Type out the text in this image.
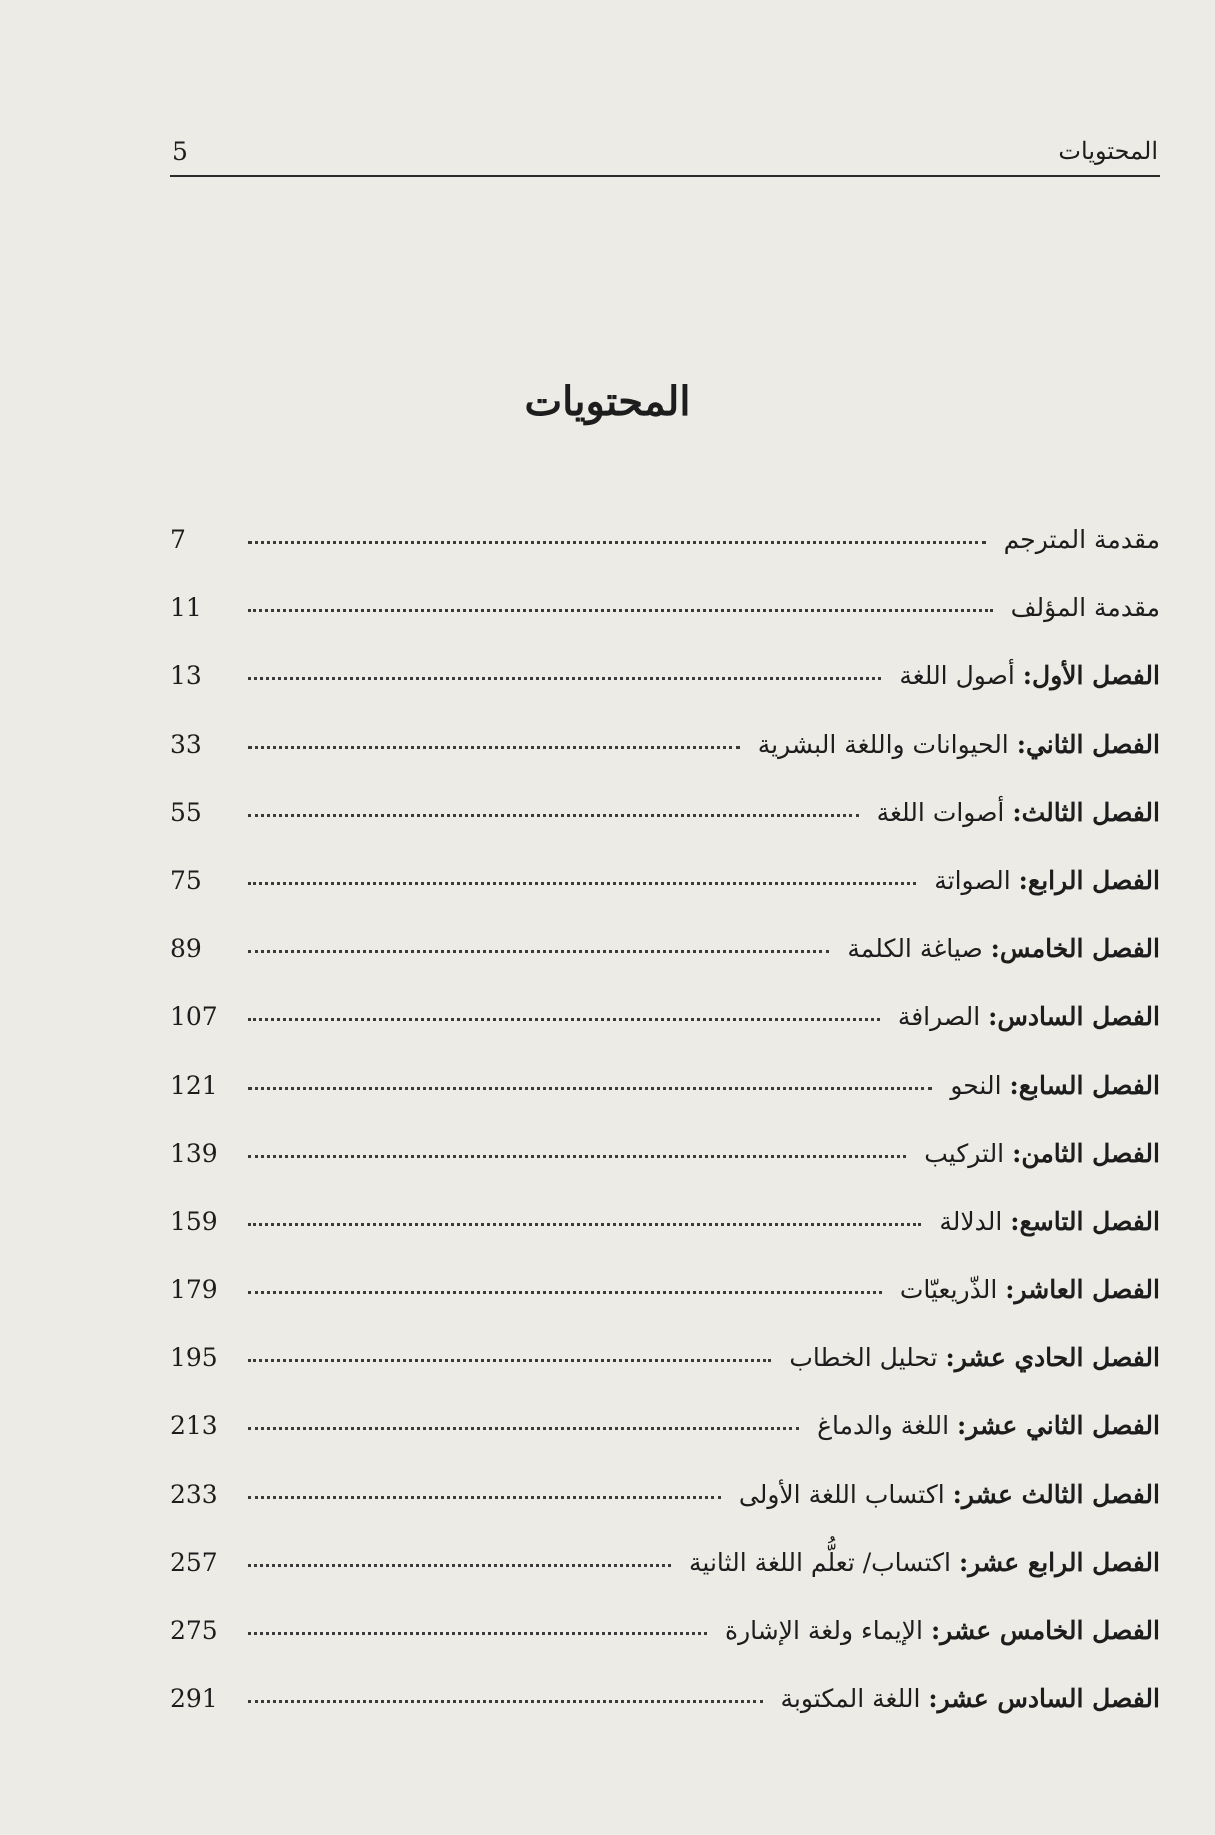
المحتويات
5
المحتويات
مقدمة المترجم
7
مقدمة المؤلف
11
الفصل الأول: أصول اللغة
13
الفصل الثاني: الحيوانات واللغة البشرية
33
الفصل الثالث: أصوات اللغة
55
الفصل الرابع: الصواتة
75
الفصل الخامس: صياغة الكلمة
89
الفصل السادس: الصرافة
107
الفصل السابع: النحو
121
الفصل الثامن: التركيب
139
الفصل التاسع: الدلالة
159
الفصل العاشر: الذّريعيّات
179
الفصل الحادي عشر: تحليل الخطاب
195
الفصل الثاني عشر: اللغة والدماغ
213
الفصل الثالث عشر: اكتساب اللغة الأولى
233
الفصل الرابع عشر: اكتساب/ تعلُّم اللغة الثانية
257
الفصل الخامس عشر: الإيماء ولغة الإشارة
275
الفصل السادس عشر: اللغة المكتوبة
291
